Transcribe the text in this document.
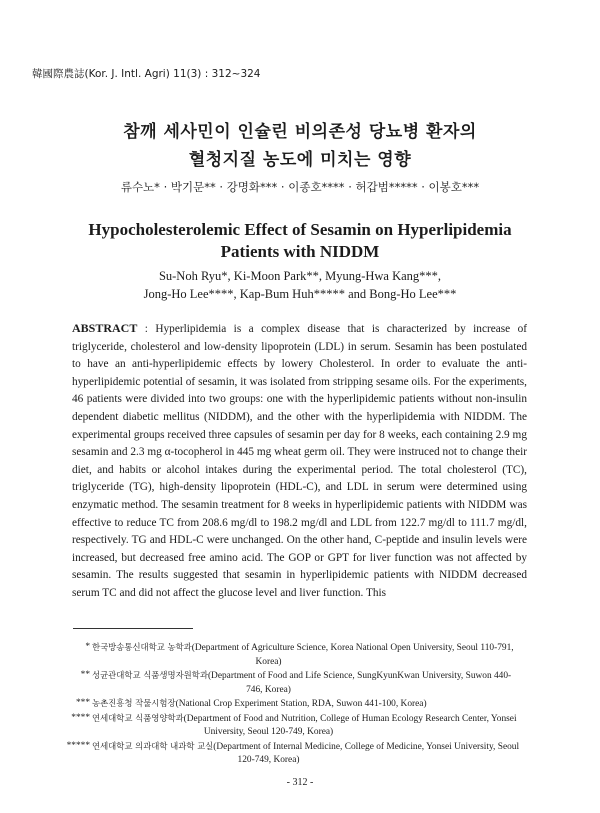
韓國際農誌(Kor. J. Intl. Agri) 11(3) : 312~324
참깨 세사민이 인슐린 비의존성 당뇨병 환자의
혈청지질 농도에 미치는 영향
류수노* · 박기문** · 강명화*** · 이종호**** · 허갑범***** · 이봉호***
Hypocholesterolemic Effect of Sesamin on Hyperlipidemia
Patients with NIDDM
Su-Noh Ryu*, Ki-Moon Park**, Myung-Hwa Kang***,
Jong-Ho Lee****, Kap-Bum Huh***** and Bong-Ho Lee***
ABSTRACT : Hyperlipidemia is a complex disease that is characterized by increase of triglyceride, cholesterol and low-density lipoprotein (LDL) in serum. Sesamin has been postulated to have an anti-hyperlipidemic effects by lowery Cholesterol. In order to evaluate the anti-hyperlipidemic potential of sesamin, it was isolated from stripping sesame oils. For the experiments, 46 patients were divided into two groups: one with the hyperlipidemic patients without non-insulin dependent diabetic mellitus (NIDDM), and the other with the hyperlipidemia with NIDDM. The experimental groups received three capsules of sesamin per day for 8 weeks, each containing 2.9 mg sesamin and 2.3 mg α-tocopherol in 445 mg wheat germ oil. They were instruced not to change their diet, and habits or alcohol intakes during the experimental period. The total cholesterol (TC), triglyceride (TG), high-density lipoprotein (HDL-C), and LDL in serum were determined using enzymatic method. The sesamin treatment for 8 weeks in hyperlipidemic patients with NIDDM was effective to reduce TC from 208.6 mg/dl to 198.2 mg/dl and LDL from 122.7 mg/dl to 111.7 mg/dl, respectively. TG and HDL-C were unchanged. On the other hand, C-peptide and insulin levels were increased, but decreased free amino acid. The GOP or GPT for liver function was not affected by sesamin. The results suggested that sesamin in hyperlipidemic patients with NIDDM decreased serum TC and did not affect the glucose level and liver function. This
* 한국방송통신대학교 농학과(Department of Agriculture Science, Korea National Open University, Seoul 110-791,
Korea)
** 성균관대학교 식품생명자원학과(Department of Food and Life Science, SungKyunKwan University, Suwon 440-
746, Korea)
*** 농촌진흥청 작물시험장(National Crop Experiment Station, RDA, Suwon 441-100, Korea)
**** 연세대학교 식품영양학과(Department of Food and Nutrition, College of Human Ecology Research Center, Yonsei
University, Seoul 120-749, Korea)
***** 연세대학교 의과대학 내과학 교실(Department of Internal Medicine, College of Medicine, Yonsei University, Seoul
120-749, Korea)
- 312 -
